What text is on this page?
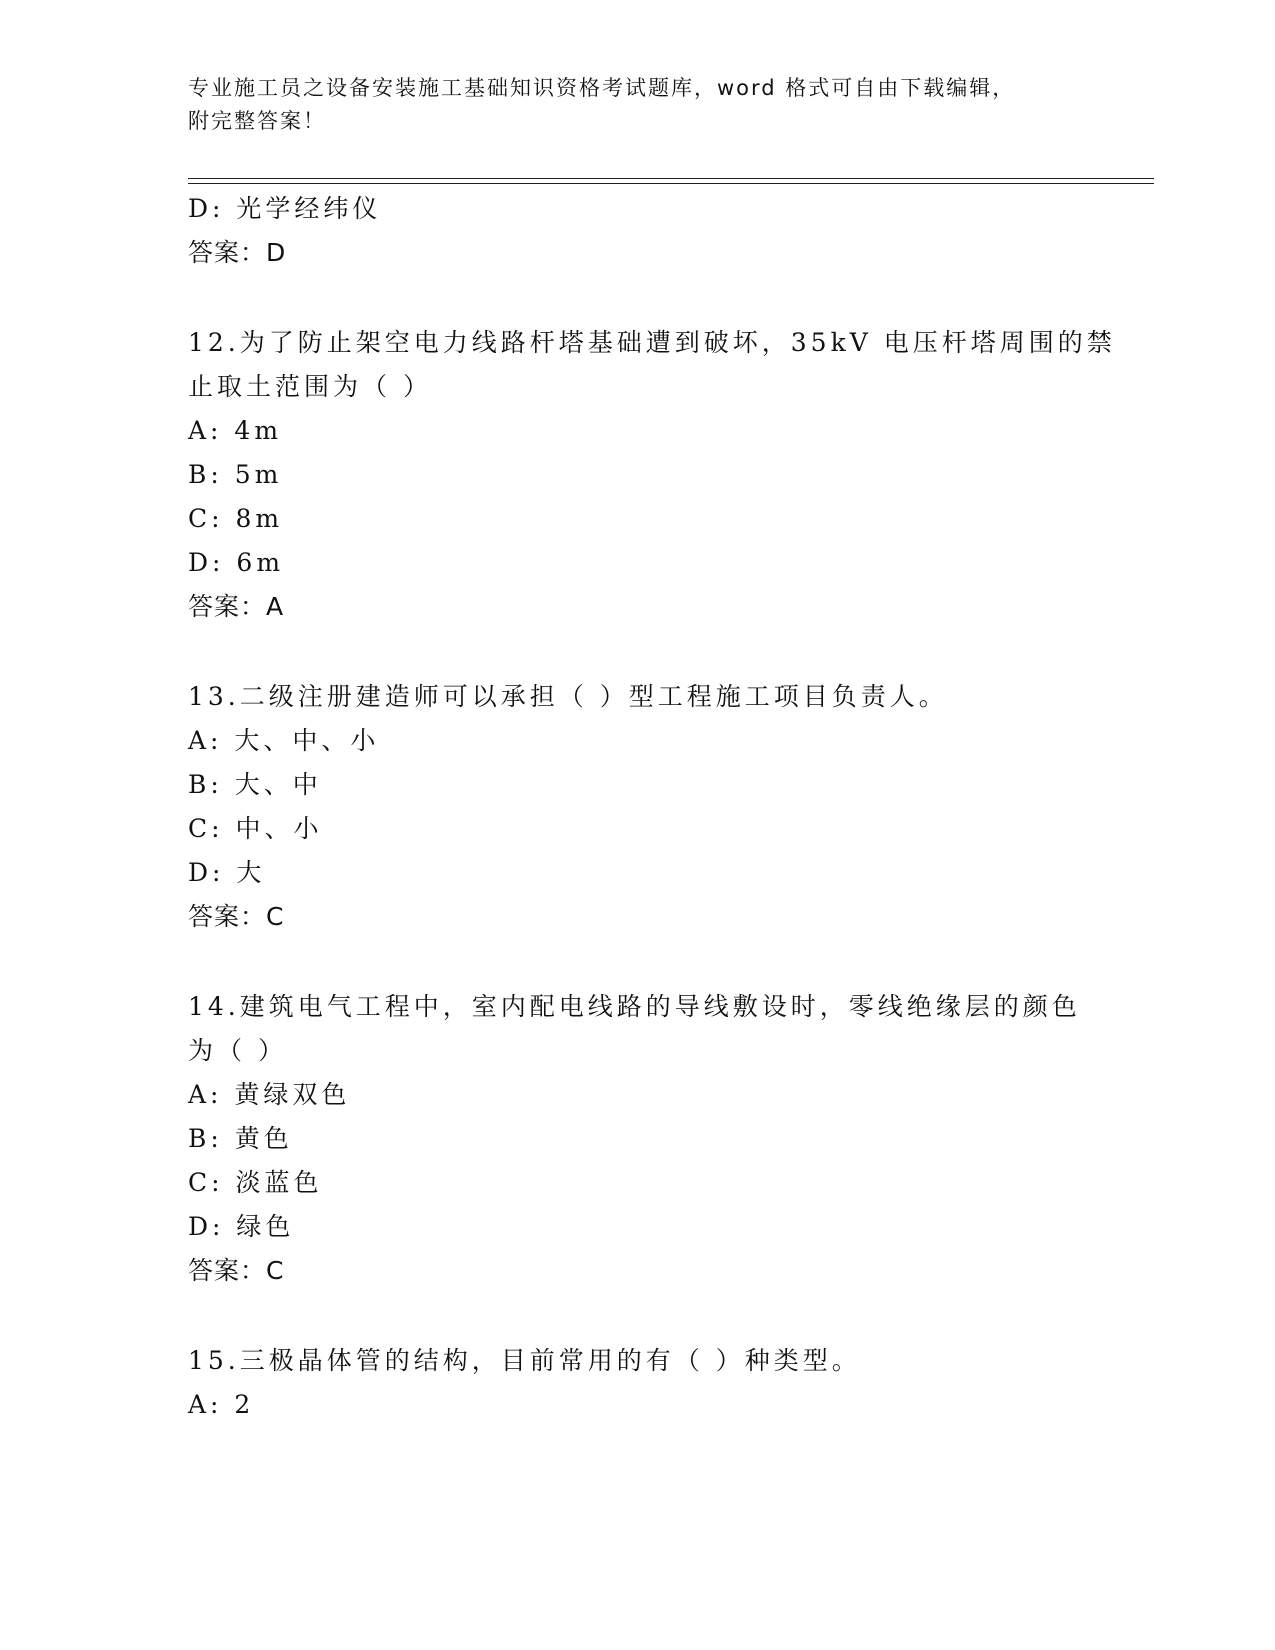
专业施工员之设备安装施工基础知识资格考试题库，word 格式可自由下载编辑，
附完整答案！
D: 光学经纬仪
答案：D
12.为了防止架空电力线路杆塔基础遭到破坏，35kV 电压杆塔周围的禁
止取土范围为（ ）
A: 4m
B: 5m
C: 8m
D: 6m
答案：A
13.二级注册建造师可以承担（ ）型工程施工项目负责人。
A: 大、中、小
B: 大、中
C: 中、小
D: 大
答案：C
14.建筑电气工程中，室内配电线路的导线敷设时，零线绝缘层的颜色
为（ ）
A: 黄绿双色
B: 黄色
C: 淡蓝色
D: 绿色
答案：C
15.三极晶体管的结构，目前常用的有（ ）种类型。
A: 2
